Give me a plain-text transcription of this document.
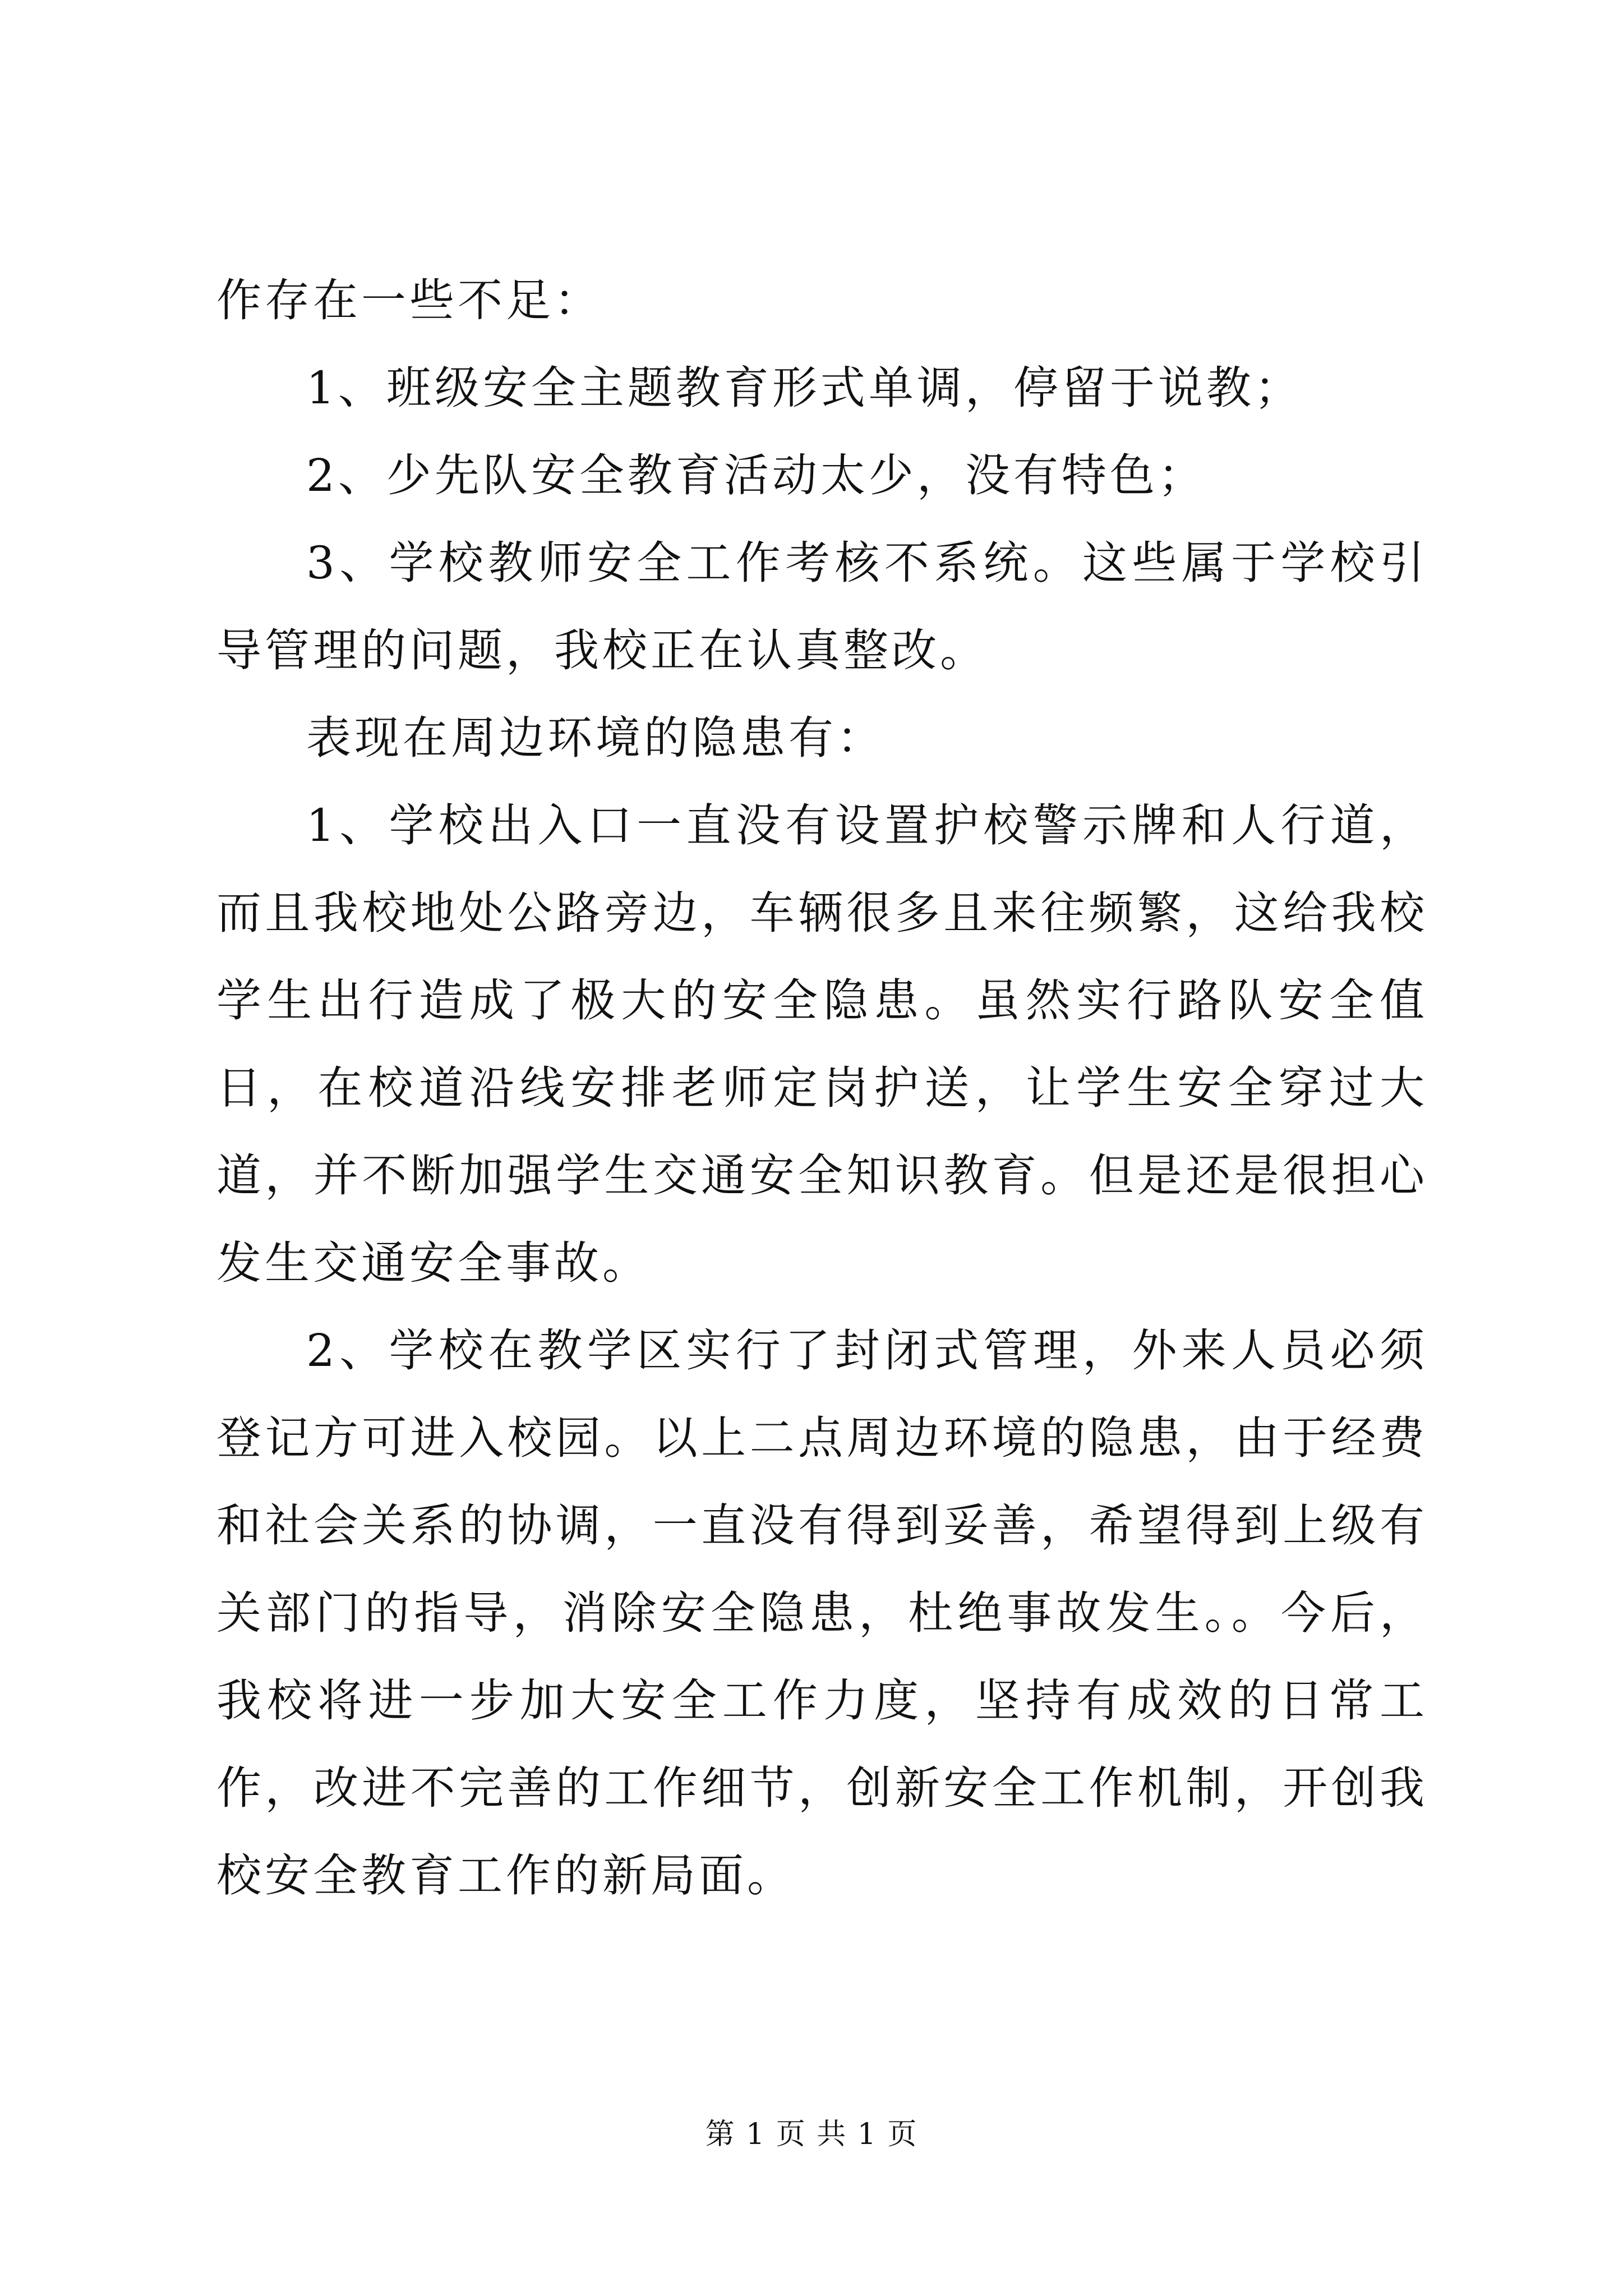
作存在一些不足：

1、班级安全主题教育形式单调，停留于说教；

2、少先队安全教育活动太少，没有特色；

3、学校教师安全工作考核不系统。这些属于学校引导管理的问题，我校正在认真整改。

表现在周边环境的隐患有：

1、学校出入口一直没有设置护校警示牌和人行道，而且我校地处公路旁边，车辆很多且来往频繁，这给我校学生出行造成了极大的安全隐患。虽然实行路队安全值日，在校道沿线安排老师定岗护送，让学生安全穿过大道，并不断加强学生交通安全知识教育。但是还是很担心发生交通安全事故。

2、学校在教学区实行了封闭式管理，外来人员必须登记方可进入校园。以上二点周边环境的隐患，由于经费和社会关系的协调，一直没有得到妥善，希望得到上级有关部门的指导，消除安全隐患，杜绝事故发生。。今后，我校将进一步加大安全工作力度，坚持有成效的日常工作，改进不完善的工作细节，创新安全工作机制，开创我校安全教育工作的新局面。

第 1 页 共 1 页
